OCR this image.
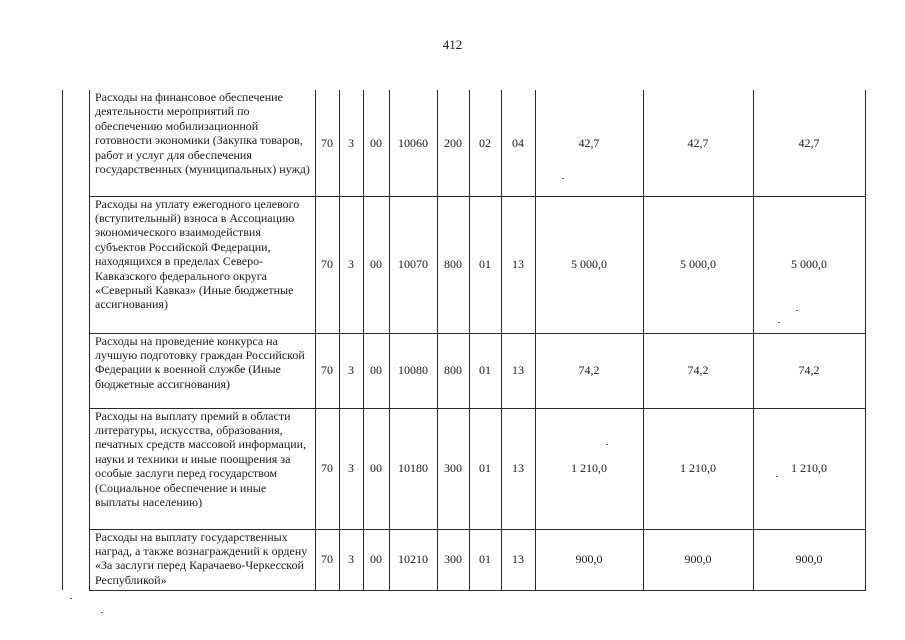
412
Расходы на финансовое обеспечение деятельности мероприятий по обеспечению мобилизационной готовности экономики (Закупка товаров, работ и услуг для обеспечения государственных (муниципальных) нужд)	70	3	00	10060	200	02	04	42,7	42,7	42,7
Расходы на уплату ежегодного целевого (вступительный) взноса в Ассоциацию экономического взаимодействия субъектов Российской Федерации, находящихся в пределах Северо-Кавказского федерального округа «Северный Кавказ» (Иные бюджетные ассигнования)	70	3	00	10070	800	01	13	5 000,0	5 000,0	5 000,0
Расходы на проведение конкурса на лучшую подготовку граждан Российской Федерации к военной службе (Иные бюджетные ассигнования)	70	3	00	10080	800	01	13	74,2	74,2	74,2
Расходы на выплату премий в области литературы, искусства, образования, печатных средств массовой информации, науки и техники и иные поощрения за особые заслуги перед государством (Социальное обеспечение и иные выплаты населению)	70	3	00	10180	300	01	13	1 210,0	1 210,0	1 210,0
Расходы на выплату государственных наград, а также вознаграждений к ордену «За заслуги перед Карачаево-Черкесской Республикой»	70	3	00	10210	300	01	13	900,0	900,0	900,0
